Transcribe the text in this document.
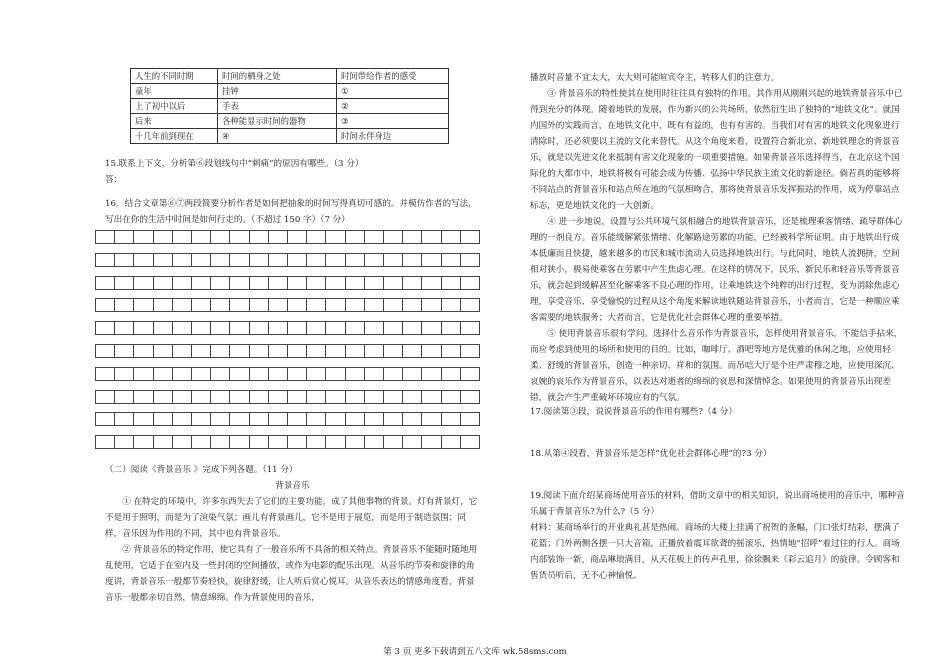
人生的不同时期	时间的栖身之处	时间带给作者的感受
童年	挂钟	①
上了初中以后	手表	②
后来	各种能显示时间的器物	③
十几年前到现在	④	时间永伴身边

15.联系上下文，分析第⑥段划线句中“刺痛”的原因有哪些。（3 分）

答：

16．结合文章第⑥⑦两段简要分析作者是如何把抽象的时间写得真切可感的。并模仿作者的写法，写出在你的生活中时间是如何行走的。（不超过 150 字）（7 分）

（二）阅读《背景音乐 》完成下列各题。（11 分）

背景音乐

① 在特定的环境中，许多东西失去了它们的主要功能，成了其他事物的背景。灯有背景灯，它不是用于照明，而是为了渲染气氛；画儿有背景画儿，它不是用于展览，而是用于制造氛围；同样，音乐因为作用的不同，其中也有背景音乐。

② 背景音乐的特定作用，使它具有了一般音乐所不具备的相关特点。背景音乐不能随时随地用乱使用，它适于在室内及一些封闭的空间播放，或作为电影的配乐出现。从音乐的节奏和旋律的角度讲，背景音乐一般都节奏轻快，旋律舒缓，让人听后赏心悦耳。从音乐表达的情感角度看，背景音乐一般都亲切自然，情意绵绵。作为背景使用的音乐，

播放时音量不宜太大，太大则可能喧宾夺主，转移人们的注意力。

③ 背景音乐的特性使其在使用时往往具有独特的作用。其作用从刚刚兴起的地铁背景音乐中已得到充分的体现。随着地铁的发展，作为新兴的公共场所，依然衍生出了独特的“地铁文化”。就国内国外的实践而言，在地铁文化中，既有有益的，也有有害的。当我们对有害的地铁文化现象进行清除时，还必须要以主流的文化来替代。从这个角度来看，设置符合新北京、新地铁理念的背景音乐，就是以先进文化来抵制有害文化现象的一项重要措施。如果背景音乐选择得当，在北京这个国际化的大都市中，地铁将极有可能会成为传播、弘扬中华民族主流文化的新途径。倘若真的能够将不同站点的背景音乐和站点所在地的气氛相吻合，那将使背景音乐发挥振站的作用，成为停靠站点标志，更是地铁文化的一大创新。

④ 进一步地说，设置与公共环境气氛相融合的地铁背景音乐，还是梳理乘客情绪、疏导群体心理的一剂良方。音乐能缓解紧张情绪、化解路途劳累的功能，已经被科学所证明。由于地铁出行成本低廉而且快捷，越来越多的市民和城市流动人员选择地铁出行。与此同时，地铁人流拥挤，空间相对狭小，极易使乘客在劳累中产生焦虑心理。在这样的情况下，民乐、新民乐和轻音乐等背景音乐，就会起到缓解甚至化解乘客不良心理的作用，让乘地铁这个纯粹的出行过程，变为消除焦虑心理，享受音乐、享受愉悦的过程从这个角度来解读地铁随站背景音乐，小者而言，它是一种顺应乘客需要的地铁服务；大者而言，它是优化社会群体心理的重要举措。

⑤ 使用背景音乐很有学问。选择什么音乐作为背景音乐，怎样使用背景音乐，不能信手拈来，而应考虑到使用的场所和使用的目的。比如，咖啡厅、酒吧等地方是优雅的休闲之地，应使用轻柔、舒缓的背景音乐，创造一种亲切、祥和的氛围。而吊唁大厅是个庄严肃穆之地，应使用深沉、哀婉的哀乐作为背景音乐，以表达对逝者的绵绵的哀思和深情悼念。如果使用的背景音乐出现差错，就会产生严重破坏环境应有的气氛。

17.阅读第③段，说说背景音乐的作用有哪些?（4 分）

18.从第④段看，背景音乐是怎样“优化社会群体心理”的?3 分）

19.阅读下面介绍某商场使用音乐的材料，借助文章中的相关知识，说出商场使用的音乐中，哪种音乐属于背景音乐?为什么?（5 分）

材料：某商场举行的开业典礼甚是热闹。商场的大楼上挂满了祝贺的条幅，门口张灯结彩，摆满了花篮；门外两侧各摆一只大音箱，正播放着震耳欲聋的摇滚乐，热情地“招呼”着过往的行人。商场内部装饰一新，商品琳琅满目，从天花板上的传声孔里，徐徐飘来《彩云追月》的旋律。令顾客和售货员听后，无不心神愉悦。

第 3 页 更多下载请到五八文库 wk.58sms.com
